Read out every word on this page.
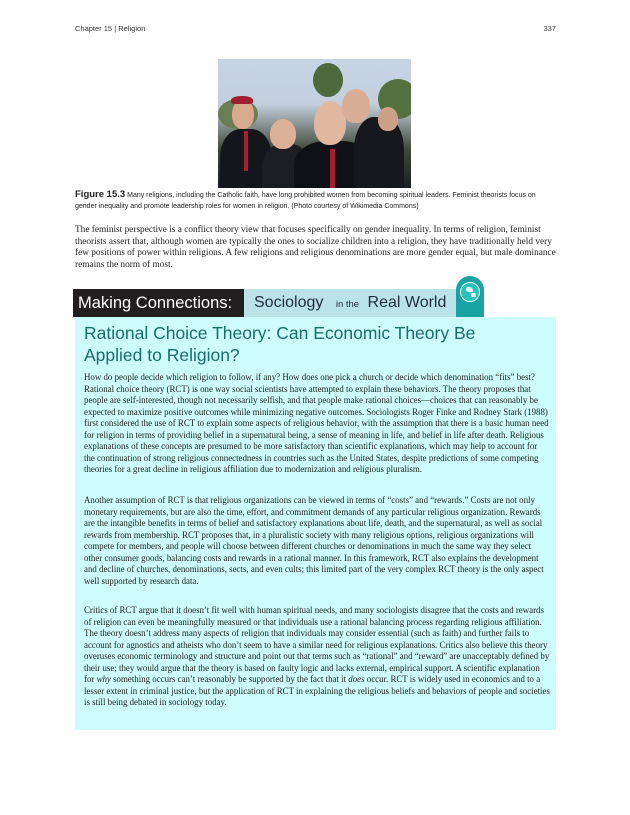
Chapter 15 | Religion	337
Figure 15.3 Many religions, including the Catholic faith, have long prohibited women from becoming spiritual leaders. Feminist theorists focus on gender inequality and promote leadership roles for women in religion. (Photo courtesy of Wikimedia Commons)

The feminist perspective is a conflict theory view that focuses specifically on gender inequality. In terms of religion, feminist theorists assert that, although women are typically the ones to socialize children into a religion, they have traditionally held very few positions of power within religions. A few religions and religious denominations are more gender equal, but male dominance remains the norm of most.

Making Connections:	Sociology in the Real World
Rational Choice Theory: Can Economic Theory Be Applied to Religion?

How do people decide which religion to follow, if any? How does one pick a church or decide which denomination “fits” best? Rational choice theory (RCT) is one way social scientists have attempted to explain these behaviors. The theory proposes that people are self-interested, though not necessarily selfish, and that people make rational choices—choices that can reasonably be expected to maximize positive outcomes while minimizing negative outcomes. Sociologists Roger Finke and Rodney Stark (1988) first considered the use of RCT to explain some aspects of religious behavior, with the assumption that there is a basic human need for religion in terms of providing belief in a supernatural being, a sense of meaning in life, and belief in life after death. Religious explanations of these concepts are presumed to be more satisfactory than scientific explanations, which may help to account for the continuation of strong religious connectedness in countries such as the United States, despite predictions of some competing theories for a great decline in religious affiliation due to modernization and religious pluralism.

Another assumption of RCT is that religious organizations can be viewed in terms of “costs” and “rewards.” Costs are not only monetary requirements, but are also the time, effort, and commitment demands of any particular religious organization. Rewards are the intangible benefits in terms of belief and satisfactory explanations about life, death, and the supernatural, as well as social rewards from membership. RCT proposes that, in a pluralistic society with many religious options, religious organizations will compete for members, and people will choose between different churches or denominations in much the same way they select other consumer goods, balancing costs and rewards in a rational manner. In this framework, RCT also explains the development and decline of churches, denominations, sects, and even cults; this limited part of the very complex RCT theory is the only aspect well supported by research data.

Critics of RCT argue that it doesn’t fit well with human spiritual needs, and many sociologists disagree that the costs and rewards of religion can even be meaningfully measured or that individuals use a rational balancing process regarding religious affiliation. The theory doesn’t address many aspects of religion that individuals may consider essential (such as faith) and further fails to account for agnostics and atheists who don’t seem to have a similar need for religious explanations. Critics also believe this theory overuses economic terminology and structure and point out that terms such as “rational” and “reward” are unacceptably defined by their use; they would argue that the theory is based on faulty logic and lacks external, empirical support. A scientific explanation for why something occurs can’t reasonably be supported by the fact that it does occur. RCT is widely used in economics and to a lesser extent in criminal justice, but the application of RCT in explaining the religious beliefs and behaviors of people and societies is still being debated in sociology today.
